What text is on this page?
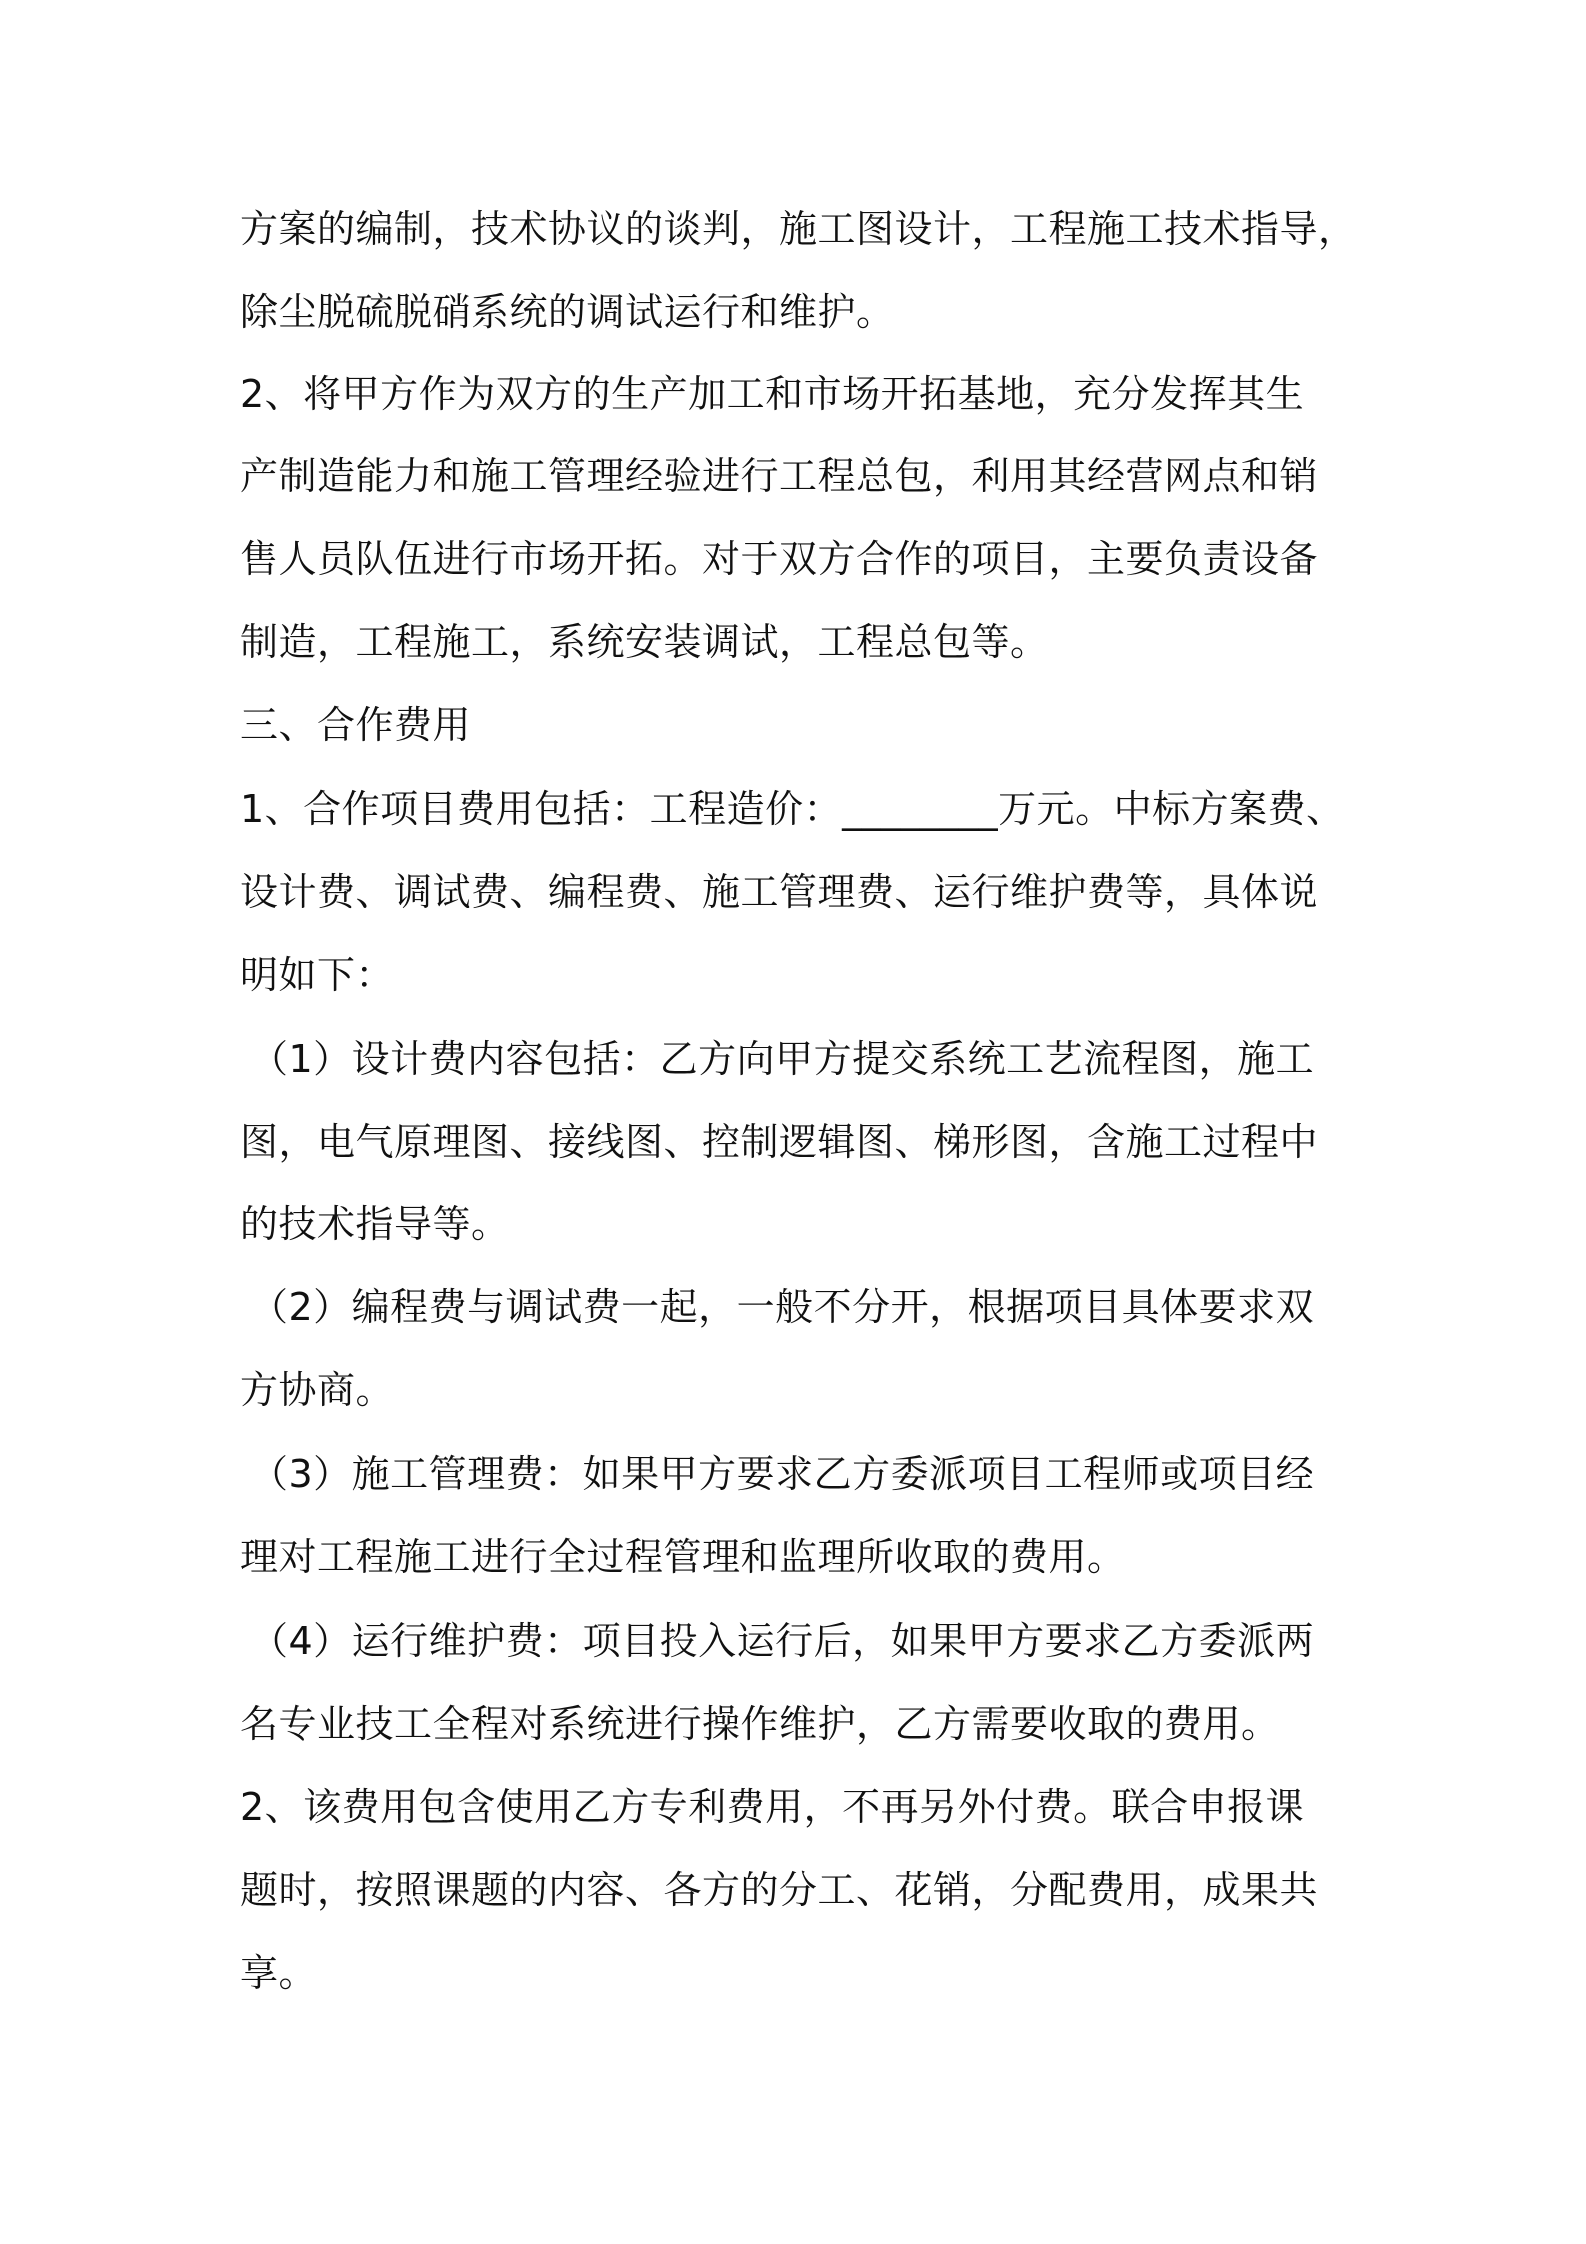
方案的编制，技术协议的谈判，施工图设计，工程施工技术指导，
除尘脱硫脱硝系统的调试运行和维护。
2、将甲方作为双方的生产加工和市场开拓基地，充分发挥其生
产制造能力和施工管理经验进行工程总包，利用其经营网点和销
售人员队伍进行市场开拓。对于双方合作的项目，主要负责设备
制造，工程施工，系统安装调试，工程总包等。
三、合作费用
1、合作项目费用包括：工程造价：________万元。中标方案费、
设计费、调试费、编程费、施工管理费、运行维护费等，具体说
明如下：
（1）设计费内容包括：乙方向甲方提交系统工艺流程图，施工
图，电气原理图、接线图、控制逻辑图、梯形图，含施工过程中
的技术指导等。
（2）编程费与调试费一起，一般不分开，根据项目具体要求双
方协商。
（3）施工管理费：如果甲方要求乙方委派项目工程师或项目经
理对工程施工进行全过程管理和监理所收取的费用。
（4）运行维护费：项目投入运行后，如果甲方要求乙方委派两
名专业技工全程对系统进行操作维护，乙方需要收取的费用。
2、该费用包含使用乙方专利费用，不再另外付费。联合申报课
题时，按照课题的内容、各方的分工、花销，分配费用，成果共
享。
